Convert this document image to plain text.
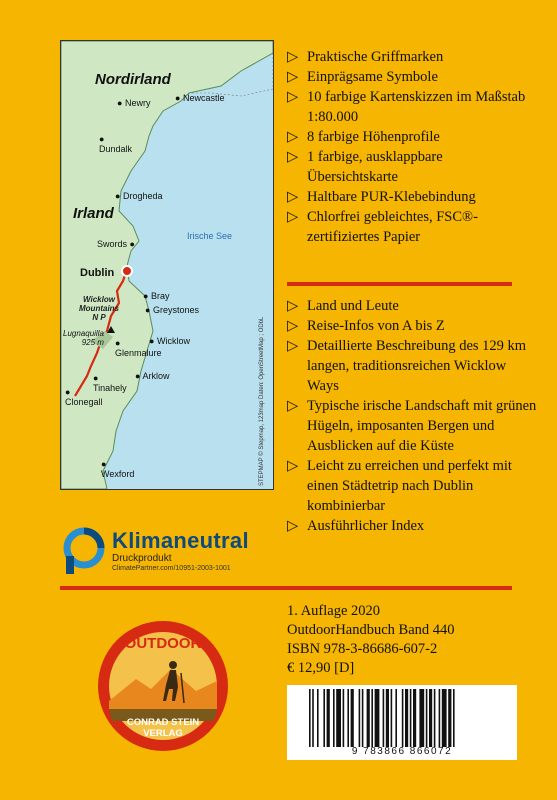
Nordirland
Irland
Irische See
● Newry	● Newcastle
●
Dundalk
● Drogheda
Swords ●
Dublin
● Bray
● Greystones
● Wicklow
Wicklow
Mountains
N P
Lugnaquilla
925 m ●
Glenmalure
● Arklow
●
Tinahely
●
Clonegall
●
Wexford	STEPMAP © Stepmap, 123map Daten: OpenStreetMap ; ODbL
▷ Praktische Griffmarken
▷ Einprägsame Symbole
▷ 10 farbige Kartenskizzen im Maßstab 1:80.000
▷ 8 farbige Höhenprofile
▷ 1 farbige, ausklappbare Übersichtskarte
▷ Haltbare PUR-Klebebindung
▷ Chlorfrei gebleichtes, FSC®-zertifiziertes Papier
▷ Land und Leute
▷ Reise-Infos von A bis Z
▷ Detaillierte Beschreibung des 129 km langen, traditionsreichen Wicklow Ways
▷ Typische irische Landschaft mit grünen Hügeln, imposanten Bergen und Ausblicken auf die Küste
▷ Leicht zu erreichen und perfekt mit einen Städtetrip nach Dublin kombinierbar
▷ Ausführlicher Index
Klimaneutral
Druckprodukt
ClimatePartner.com/10951-2003-1001
1. Auflage 2020
OutdoorHandbuch Band 440
ISBN 978-3-86686-607-2
€ 12,90 [D]
OUTDOOR
CONRAD STEIN
VERLAG
9 783866 866072
